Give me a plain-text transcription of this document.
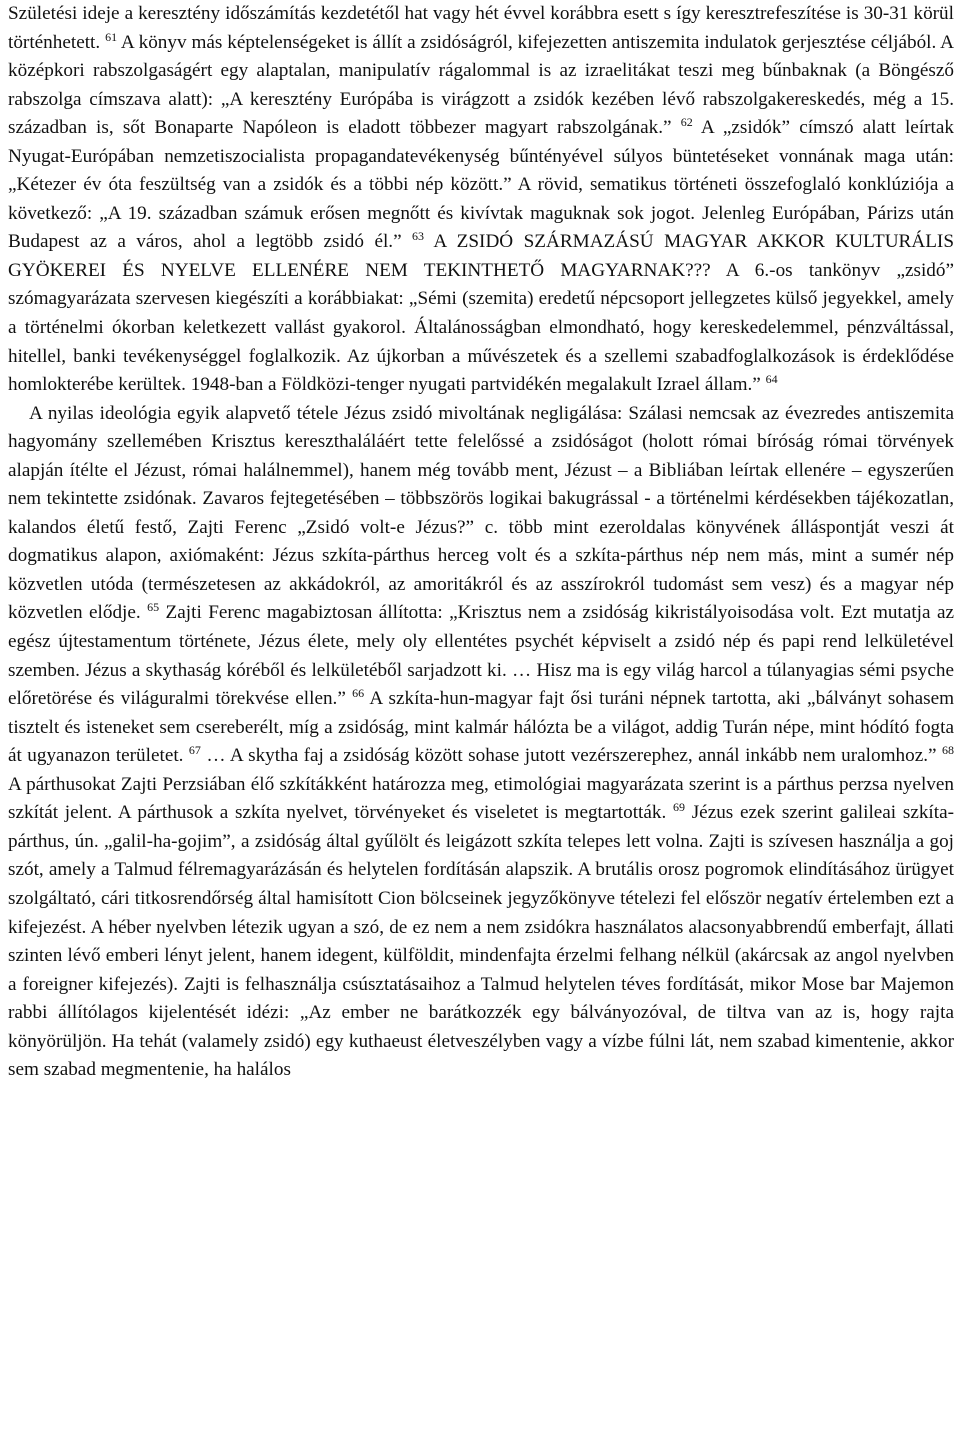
Születési ideje a keresztény időszámítás kezdetétől hat vagy hét évvel korábbra esett s így keresztrefeszítése is 30-31 körül történhetett. $^{61}$ A könyv más képtelenségeket is állít a zsidóságról, kifejezetten antiszemita indulatok gerjesztése céljából. A középkori rabszolgaságért egy alaptalan, manipulatív rágalommal is az izraelitákat teszi meg bűnbaknak (a Böngésző rabszolga címszava alatt): „A keresztény Európába is virágzott a zsidók kezében lévő rabszolgakereskedés, még a 15. században is, sőt Bonaparte Napóleon is eladott többezer magyart rabszolgának.” $^{62}$ A „zsidók” címszó alatt leírtak Nyugat-Európában nemzetiszocialista propagandatevékenység bűntényével súlyos büntetéseket vonnának maga után: „Kétezer év óta feszültség van a zsidók és a többi nép között.” A rövid, sematikus történeti összefoglaló konklúziója a következő: „A 19. században számuk erősen megnőtt és kivívtak maguknak sok jogot. Jelenleg Európában, Párizs után Budapest az a város, ahol a legtöbb zsidó él.” $^{63}$ A ZSIDÓ SZÁRMAZÁSÚ MAGYAR AKKOR KULTURÁLIS GYÖKEREI ÉS NYELVE ELLENÉRE NEM TEKINTHETŐ MAGYARNAK??? A 6.-os tankönyv „zsidó” szómagyarázata szervesen kiegészíti a korábbiakat: „Sémi (szemita) eredetű népcsoport jellegzetes külső jegyekkel, amely a történelmi ókorban keletkezett vallást gyakorol. Általánosságban elmondható, hogy kereskedelemmel, pénzváltással, hitellel, banki tevékenységgel foglalkozik. Az újkorban a művészetek és a szellemi szabadfoglalkozások is érdeklődése homlokterébe kerültek. 1948-ban a Földközi-tenger nyugati partvidékén megalakult Izrael állam.” $^{64}$

A nyilas ideológia egyik alapvető tétele Jézus zsidó mivoltának negligálása: Szálasi nemcsak az évezredes antiszemita hagyomány szellemében Krisztus kereszthaláláért tette felelőssé a zsidóságot (holott római bíróság római törvények alapján ítélte el Jézust, római halálnemmel), hanem még tovább ment, Jézust – a Bibliában leírtak ellenére – egyszerűen nem tekintette zsidónak. Zavaros fejtegetésében – többszörös logikai bakugrással - a történelmi kérdésekben tájékozatlan, kalandos életű festő, Zajti Ferenc „Zsidó volt-e Jézus?” c. több mint ezeroldalas könyvének álláspontját veszi át dogmatikus alapon, axiómaként: Jézus szkíta-párthus herceg volt és a szkíta-párthus nép nem más, mint a sumér nép közvetlen utóda (természetesen az akkádokról, az amoritákról és az asszírokról tudomást sem vesz) és a magyar nép közvetlen elődje. $^{65}$ Zajti Ferenc magabiztosan állította: „Krisztus nem a zsidóság kikristályoisodása volt. Ezt mutatja az egész újtestamentum története, Jézus élete, mely oly ellentétes psychét képviselt a zsidó nép és papi rend lelkületével szemben. Jézus a skythaság kóréből és lelkületéből sarjadzott ki. … Hisz ma is egy világ harcol a túlanyagias sémi psyche előretörése és világuralmi törekvése ellen.” $^{66}$ A szkíta-hun-magyar fajt ősi turáni népnek tartotta, aki „bálványt sohasem tisztelt és isteneket sem csereberélt, míg a zsidóság, mint kalmár hálózta be a világot, addig Turán népe, mint hódító fogta át ugyanazon területet. $^{67}$ … A skytha faj a zsidóság között sohase jutott vezérszerephez, annál inkább nem uralomhoz.” $^{68}$ A párthusokat Zajti Perzsiában élő szkítákként határozza meg, etimológiai magyarázata szerint is a párthus perzsa nyelven szkítát jelent. A párthusok a szkíta nyelvet, törvényeket és viseletet is megtartották. $^{69}$ Jézus ezek szerint galileai szkíta-párthus, ún. „galil-ha-gojim”, a zsidóság által gyűlölt és leigázott szkíta telepes lett volna. Zajti is szívesen használja a goj szót, amely a Talmud félremagyarázásán és helytelen fordításán alapszik. A brutális orosz pogromok elindításához ürügyet szolgáltató, cári titkosrendőrség által hamisított Cion bölcseinek jegyzőkönyve tételezi fel először negatív értelemben ezt a kifejezést. A héber nyelvben létezik ugyan a szó, de ez nem a nem zsidókra használatos alacsonyabbrendű emberfajt, állati szinten lévő emberi lényt jelent, hanem idegent, külföldit, mindenfajta érzelmi felhang nélkül (akárcsak az angol nyelvben a foreigner kifejezés). Zajti is felhasználja csúsztatásaihoz a Talmud helytelen téves fordítását, mikor Mose bar Majemon rabbi állítólagos kijelentését idézi: „Az ember ne barátkozzék egy bálványozóval, de tiltva van az is, hogy rajta könyörüljön. Ha tehát (valamely zsidó) egy kuthaeust életveszélyben vagy a vízbe fúlni lát, nem szabad kimentenie, akkor sem szabad megmentenie, ha halálos
